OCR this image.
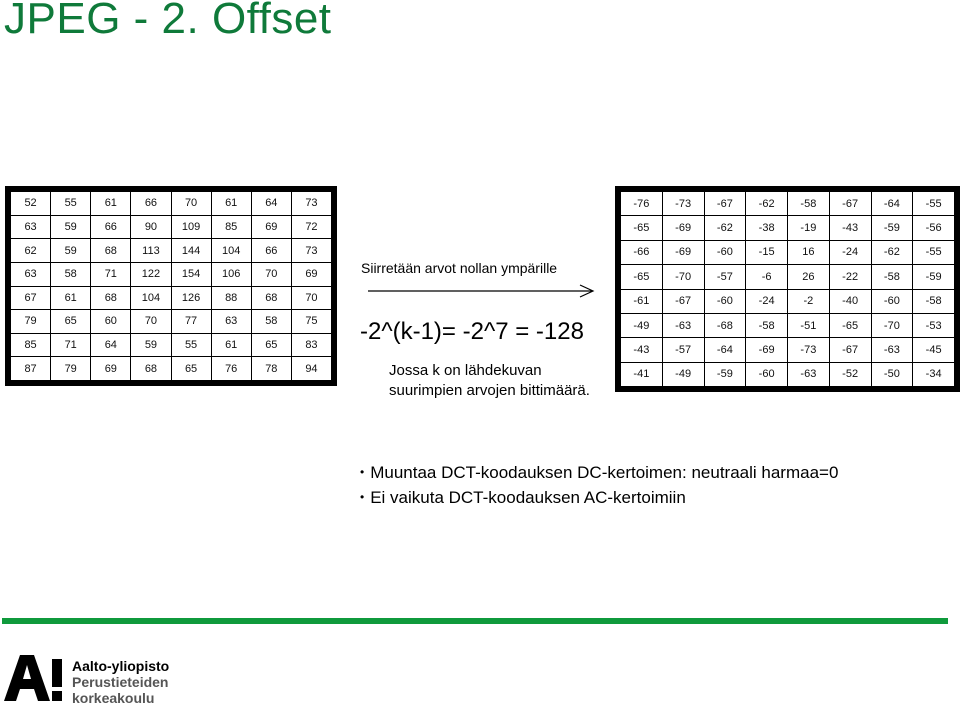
JPEG - 2. Offset
52	55	61	66	70	61	64	73
63	59	66	90	109	85	69	72
62	59	68	113	144	104	66	73
63	58	71	122	154	106	70	69
67	61	68	104	126	88	68	70
79	65	60	70	77	63	58	75
85	71	64	59	55	61	65	83
87	79	69	68	65	76	78	94
Siirretään arvot nollan ympärille
-2^(k-1)= -2^7 = -128
Jossa k on lähdekuvan suurimpien arvojen bittimäärä.
-76	-73	-67	-62	-58	-67	-64	-55
-65	-69	-62	-38	-19	-43	-59	-56
-66	-69	-60	-15	16	-24	-62	-55
-65	-70	-57	-6	26	-22	-58	-59
-61	-67	-60	-24	-2	-40	-60	-58
-49	-63	-68	-58	-51	-65	-70	-53
-43	-57	-64	-69	-73	-67	-63	-45
-41	-49	-59	-60	-63	-52	-50	-34
• Muuntaa DCT-koodauksen DC-kertoimen: neutraali harmaa=0
• Ei vaikuta DCT-koodauksen AC-kertoimiin
Aalto-yliopisto
Perustieteiden
korkeakoulu
